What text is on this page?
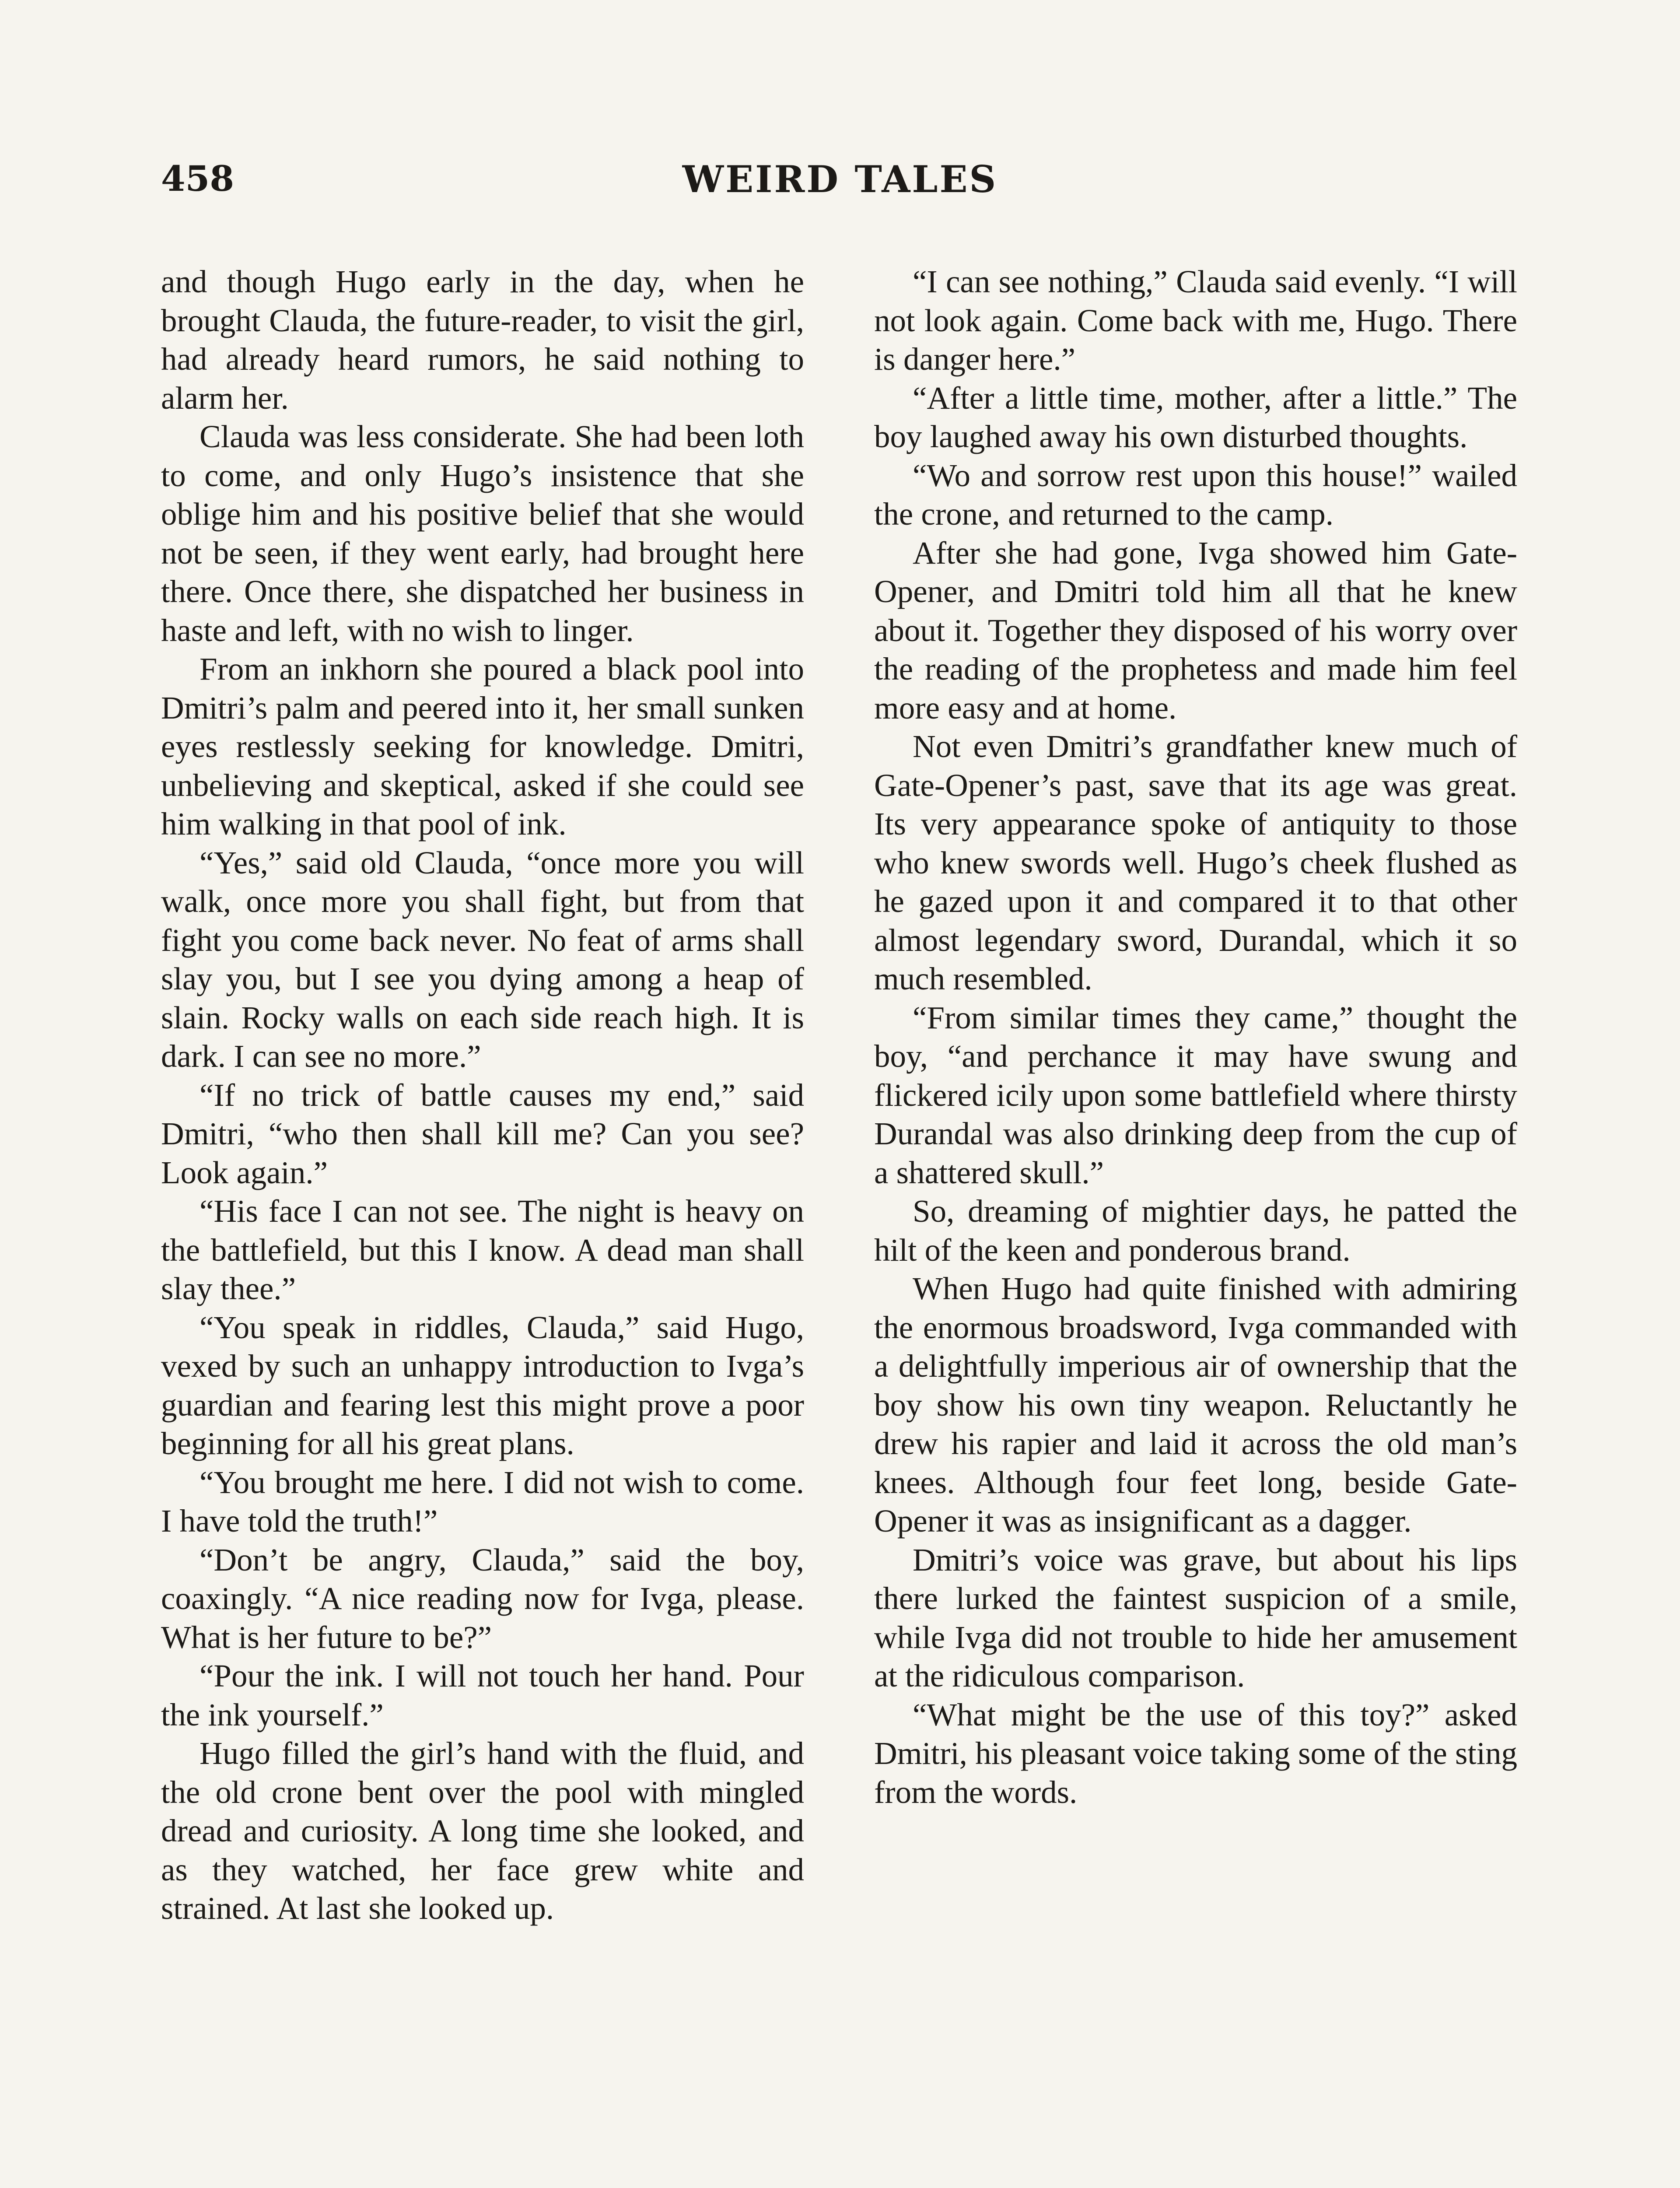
458	WEIRD TALES

and though Hugo early in the day, when he brought Clauda, the future-reader, to visit the girl, had already heard rumors, he said nothing to alarm her.

Clauda was less considerate. She had been loth to come, and only Hugo’s insistence that she oblige him and his positive belief that she would not be seen, if they went early, had brought here there. Once there, she dispatched her business in haste and left, with no wish to linger.

From an inkhorn she poured a black pool into Dmitri’s palm and peered into it, her small sunken eyes restlessly seeking for knowledge. Dmitri, unbelieving and skeptical, asked if she could see him walking in that pool of ink.

“Yes,” said old Clauda, “once more you will walk, once more you shall fight, but from that fight you come back never. No feat of arms shall slay you, but I see you dying among a heap of slain. Rocky walls on each side reach high. It is dark. I can see no more.”

“If no trick of battle causes my end,” said Dmitri, “who then shall kill me? Can you see? Look again.”

“His face I can not see. The night is heavy on the battlefield, but this I know. A dead man shall slay thee.”

“You speak in riddles, Clauda,” said Hugo, vexed by such an unhappy introduction to Ivga’s guardian and fearing lest this might prove a poor beginning for all his great plans.

“You brought me here. I did not wish to come. I have told the truth!”

“Don’t be angry, Clauda,” said the boy, coaxingly. “A nice reading now for Ivga, please. What is her future to be?”

“Pour the ink. I will not touch her hand. Pour the ink yourself.”

Hugo filled the girl’s hand with the fluid, and the old crone bent over the pool with mingled dread and curiosity. A long time she looked, and as they watched, her face grew white and strained. At last she looked up.

“I can see nothing,” Clauda said evenly. “I will not look again. Come back with me, Hugo. There is danger here.”

“After a little time, mother, after a little.” The boy laughed away his own disturbed thoughts.

“Wo and sorrow rest upon this house!” wailed the crone, and returned to the camp.

After she had gone, Ivga showed him Gate-Opener, and Dmitri told him all that he knew about it. Together they disposed of his worry over the reading of the prophetess and made him feel more easy and at home.

Not even Dmitri’s grandfather knew much of Gate-Opener’s past, save that its age was great. Its very appearance spoke of antiquity to those who knew swords well. Hugo’s cheek flushed as he gazed upon it and compared it to that other almost legendary sword, Durandal, which it so much resembled.

“From similar times they came,” thought the boy, “and perchance it may have swung and flickered icily upon some battlefield where thirsty Durandal was also drinking deep from the cup of a shattered skull.”

So, dreaming of mightier days, he patted the hilt of the keen and ponderous brand.

When Hugo had quite finished with admiring the enormous broadsword, Ivga commanded with a delightfully imperious air of ownership that the boy show his own tiny weapon. Reluctantly he drew his rapier and laid it across the old man’s knees. Although four feet long, beside Gate-Opener it was as insignificant as a dagger.

Dmitri’s voice was grave, but about his lips there lurked the faintest suspicion of a smile, while Ivga did not trouble to hide her amusement at the ridiculous comparison.

“What might be the use of this toy?” asked Dmitri, his pleasant voice taking some of the sting from the words.
